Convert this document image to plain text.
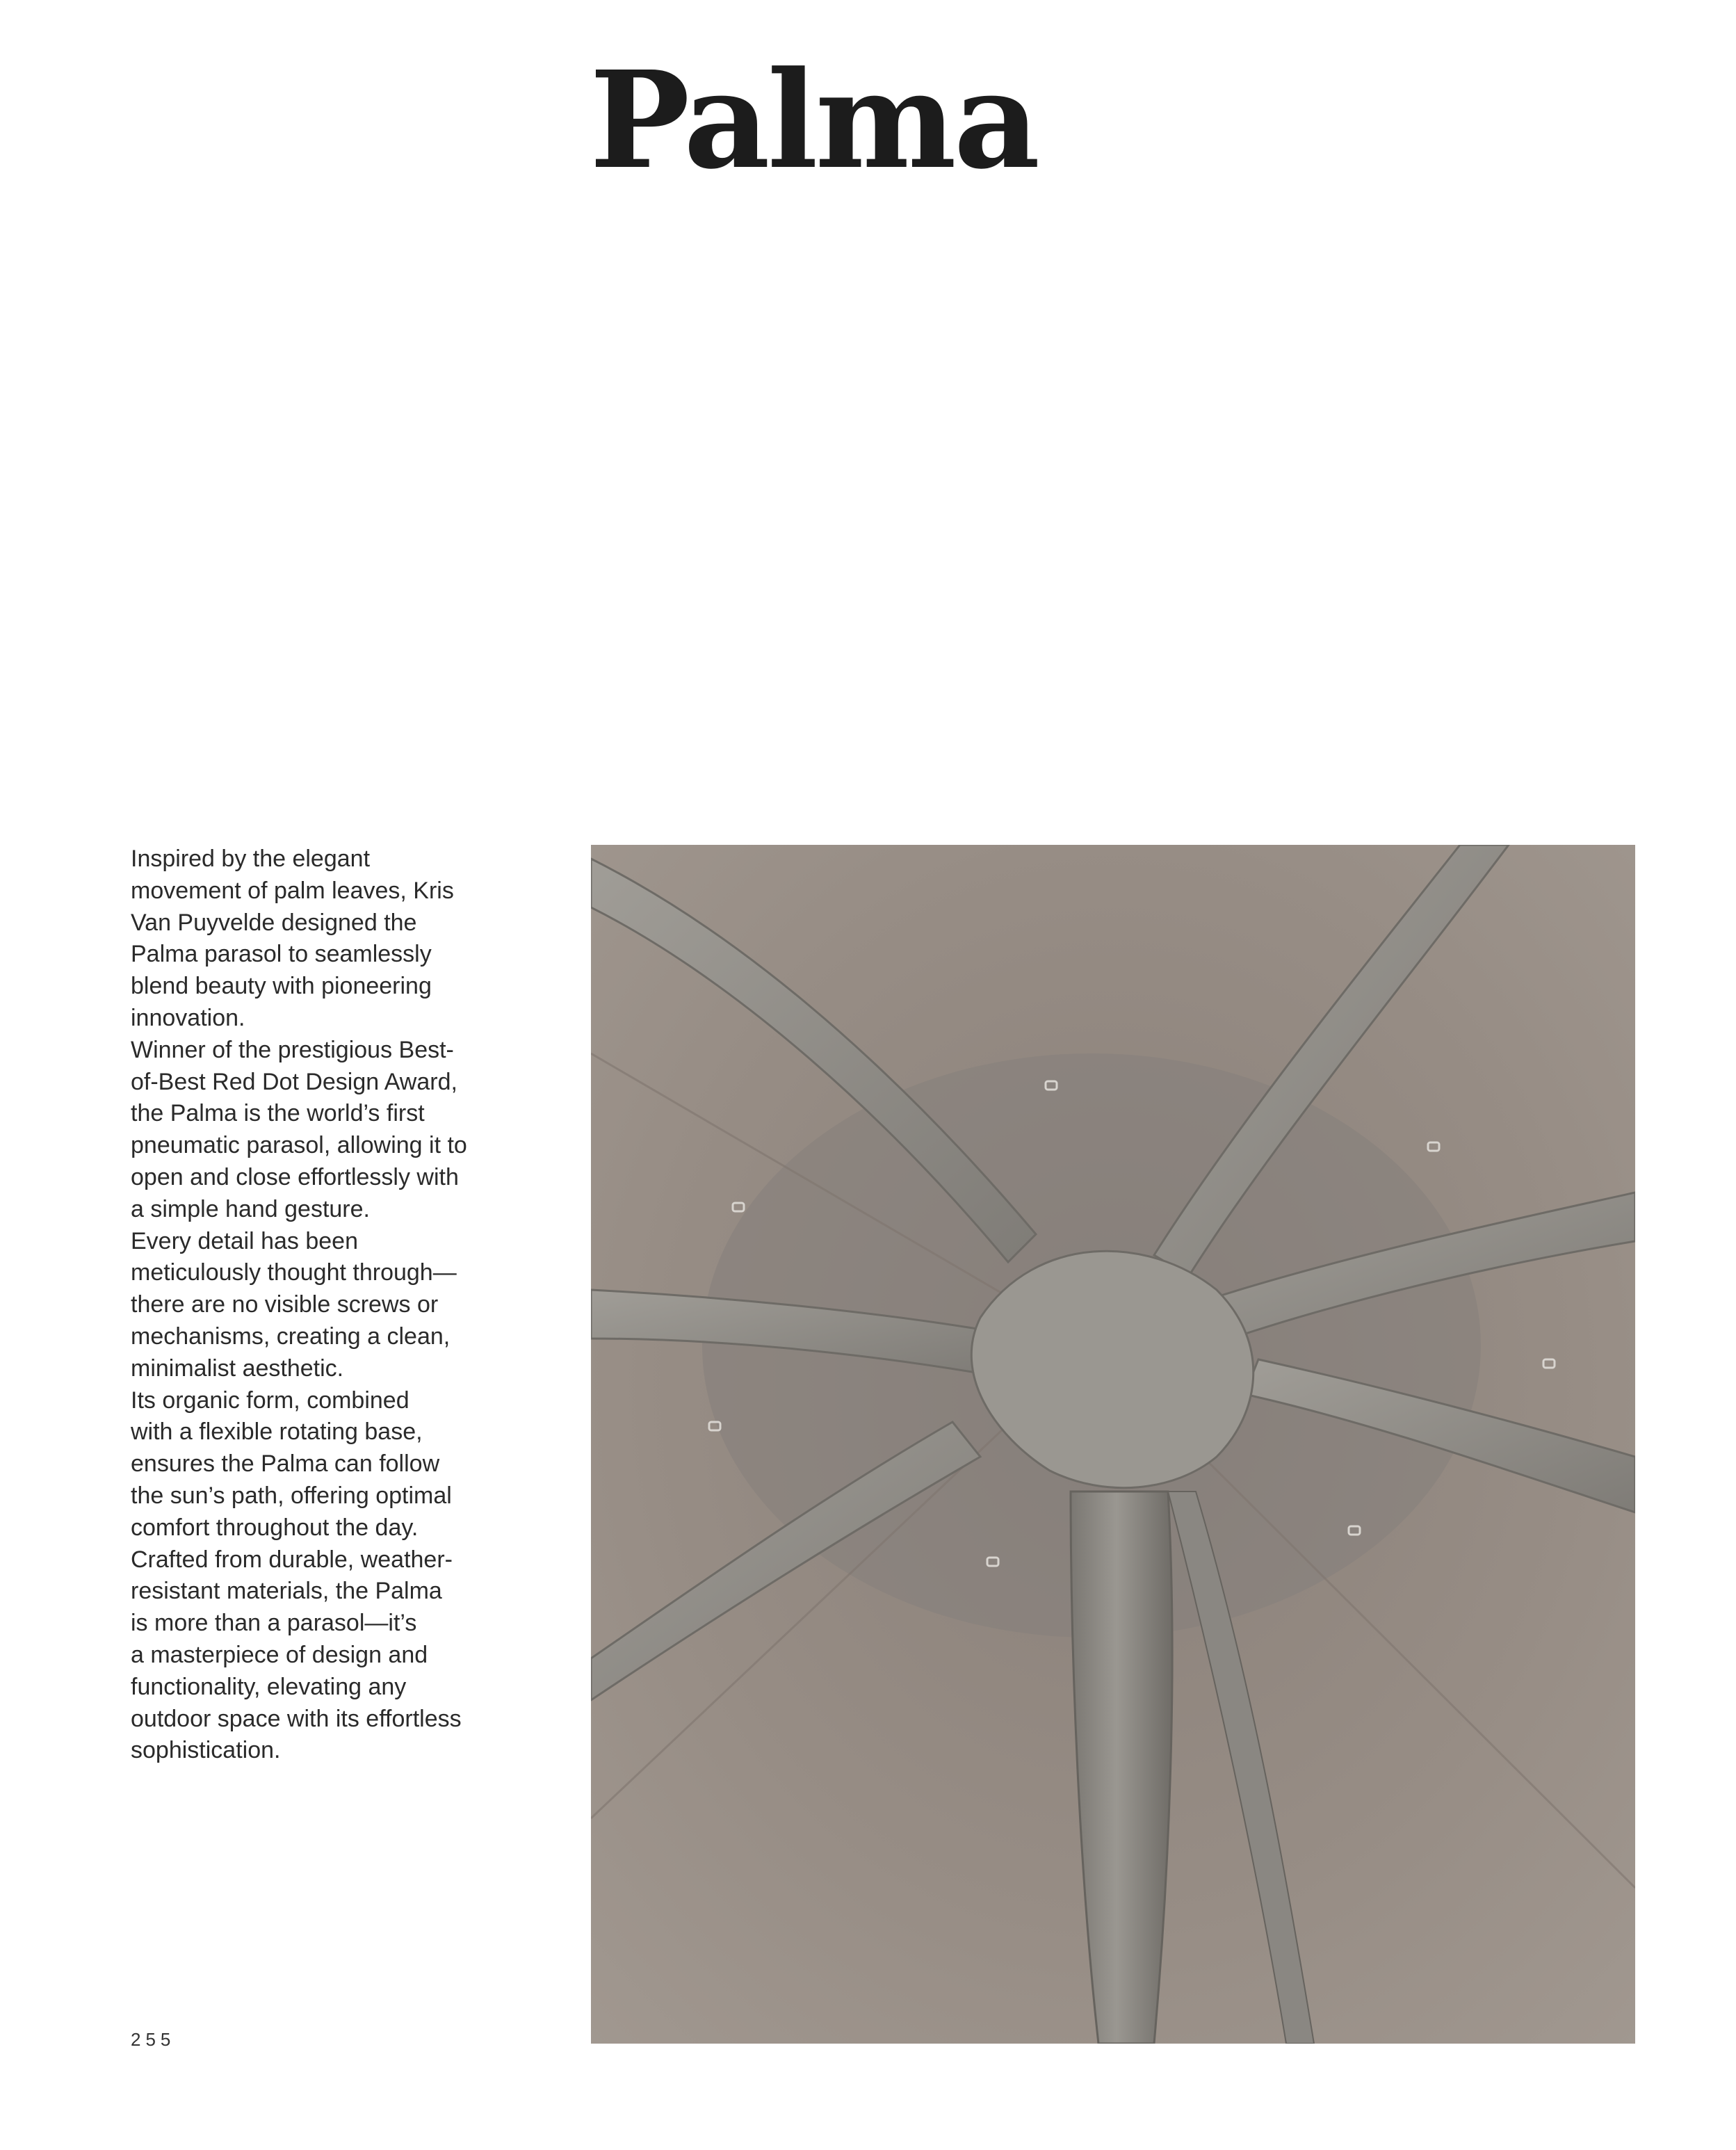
Palma

Inspired by the elegant
movement of palm leaves, Kris
Van Puyvelde designed the
Palma parasol to seamlessly
blend beauty with pioneering
innovation.

Winner of the prestigious Best-
of-Best Red Dot Design Award,
the Palma is the world’s first
pneumatic parasol, allowing it to
open and close effortlessly with
a simple hand gesture.

Every detail has been
meticulously thought through—
there are no visible screws or
mechanisms, creating a clean,
minimalist aesthetic.

Its organic form, combined
with a flexible rotating base,
ensures the Palma can follow
the sun’s path, offering optimal
comfort throughout the day.

Crafted from durable, weather-
resistant materials, the Palma
is more than a parasol—it’s
a masterpiece of design and
functionality, elevating any
outdoor space with its effortless
sophistication.

255
